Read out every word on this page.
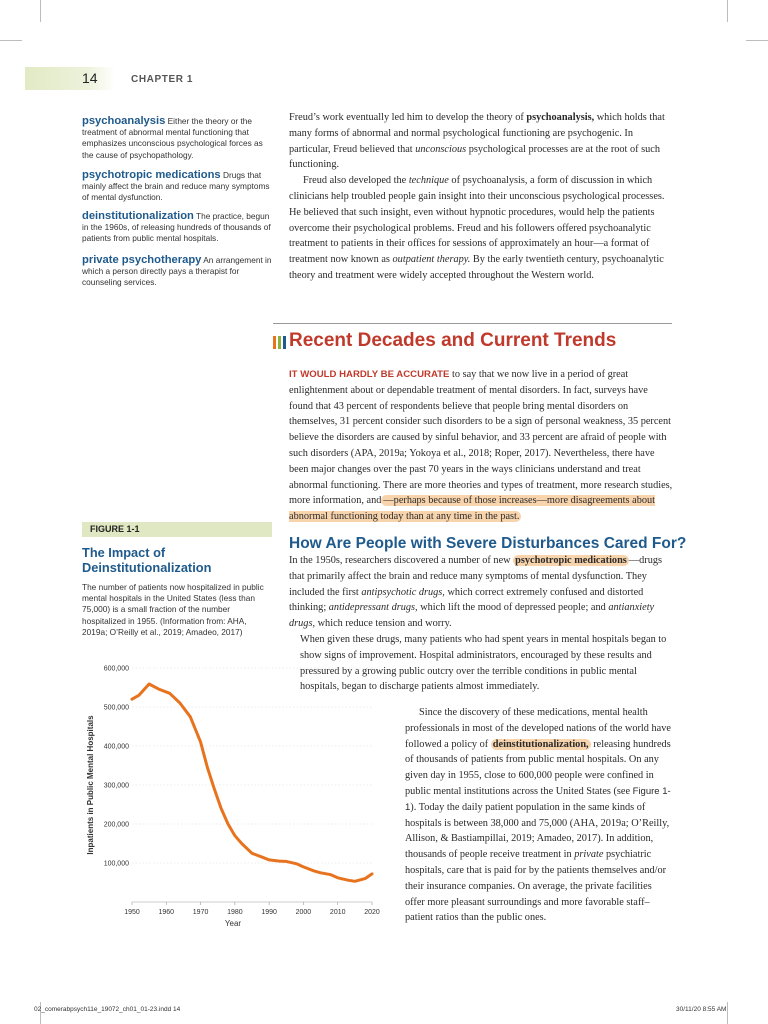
14	CHAPTER 1
psychoanalysis Either the theory or the treatment of abnormal mental functioning that emphasizes unconscious psychological forces as the cause of psychopathology.
psychotropic medications Drugs that mainly affect the brain and reduce many symptoms of mental dysfunction.
deinstitutionalization The practice, begun in the 1960s, of releasing hundreds of thousands of patients from public mental hospitals.
private psychotherapy An arrangement in which a person directly pays a therapist for counseling services.

Freud’s work eventually led him to develop the theory of psychoanalysis, which holds that many forms of abnormal and normal psychological functioning are psychogenic. In particular, Freud believed that unconscious psychological processes are at the root of such functioning.

Freud also developed the technique of psychoanalysis, a form of discussion in which clinicians help troubled people gain insight into their unconscious psychological processes. He believed that such insight, even without hypnotic procedures, would help the patients overcome their psychological problems. Freud and his followers offered psychoanalytic treatment to patients in their offices for sessions of approximately an hour—a format of treatment now known as outpatient therapy. By the early twentieth century, psychoanalytic theory and treatment were widely accepted throughout the Western world.

Recent Decades and Current Trends

IT WOULD HARDLY BE ACCURATE to say that we now live in a period of great enlightenment about or dependable treatment of mental disorders. In fact, surveys have found that 43 percent of respondents believe that people bring mental disorders on themselves, 31 percent consider such disorders to be a sign of personal weakness, 35 percent believe the disorders are caused by sinful behavior, and 33 percent are afraid of people with such disorders (APA, 2019a; Yokoya et al., 2018; Roper, 2017). Nevertheless, there have been major changes over the past 70 years in the ways clinicians understand and treat abnormal functioning. There are more theories and types of treatment, more research studies, more information, and —perhaps because of those increases—more disagreements about abnormal functioning today than at any time in the past.

How Are People with Severe Disturbances Cared For?

In the 1950s, researchers discovered a number of new psychotropic medications —drugs that primarily affect the brain and reduce many symptoms of mental dysfunction. They included the first antipsychotic drugs, which correct extremely confused and distorted thinking; antidepressant drugs, which lift the mood of depressed people; and antianxiety drugs, which reduce tension and worry.

When given these drugs, many patients who had spent years in mental hospitals began to show signs of improvement. Hospital administrators, encouraged by these results and pressured by a growing public outcry over the terrible conditions in public mental hospitals, began to discharge patients almost immediately.

Since the discovery of these medications, mental health professionals in most of the developed nations of the world have followed a policy of deinstitutionalization, releasing hundreds of thousands of patients from public mental hospitals. On any given day in 1955, close to 600,000 people were confined in public mental institutions across the United States (see Figure 1-1). Today the daily patient population in the same kinds of hospitals is between 38,000 and 75,000 (AHA, 2019a; O’Reilly, Allison, & Bastiampillai, 2019; Amadeo, 2017). In addition, thousands of people receive treatment in private psychiatric hospitals, care that is paid for by the patients themselves and/or their insurance companies. On average, the private facilities offer more pleasant surroundings and more favorable staff–patient ratios than the public ones.

FIGURE 1-1
The Impact of Deinstitutionalization
The number of patients now hospitalized in public mental hospitals in the United States (less than 75,000) is a small fraction of the number hospitalized in 1955. (Information from: AHA, 2019a; O’Reilly et al., 2019; Amadeo, 2017)
100,000
200,000
300,000
400,000
500,000
600,000
1950	1960	1970	1980	1990	2000	2010	2020
Inpatients in Public Mental Hospitals
Year
02_comerabpsych11e_19072_ch01_01-23.indd 14	30/11/20 8:55 AM
